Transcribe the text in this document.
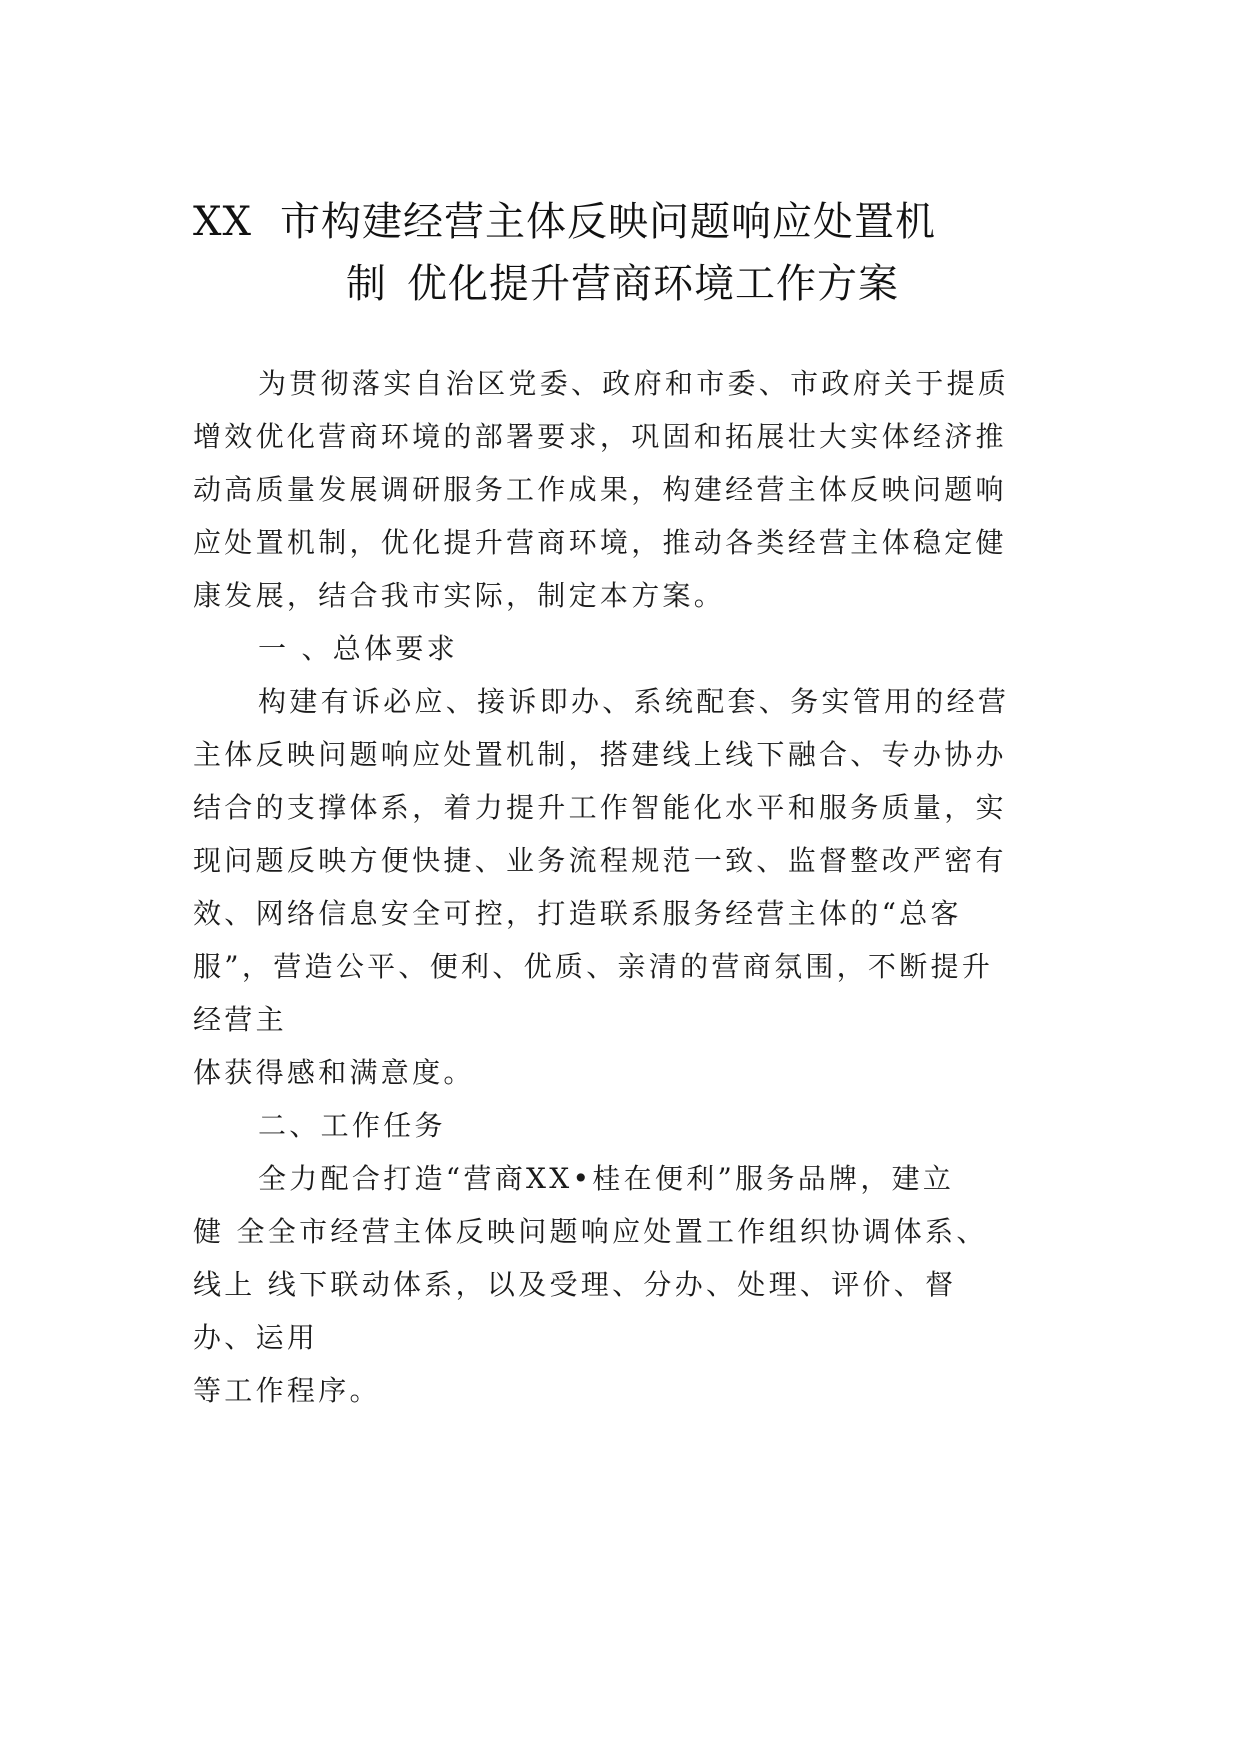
XX 市构建经营主体反映问题响应处置机
制 优化提升营商环境工作方案
为贯彻落实自治区党委、政府和市委、市政府关于提质
增效优化营商环境的部署要求，巩固和拓展壮大实体经济推
动高质量发展调研服务工作成果，构建经营主体反映问题响
应处置机制，优化提升营商环境，推动各类经营主体稳定健
康发展，结合我市实际，制定本方案。
一 、总体要求
构建有诉必应、接诉即办、系统配套、务实管用的经营
主体反映问题响应处置机制，搭建线上线下融合、专办协办
结合的支撑体系，着力提升工作智能化水平和服务质量，实
现问题反映方便快捷、业务流程规范一致、监督整改严密有
效、网络信息安全可控，打造联系服务经营主体的“总客
服”，营造公平、便利、优质、亲清的营商氛围，不断提升
经营主
体获得感和满意度。
二、工作任务
全力配合打造“营商XX•桂在便利”服务品牌，建立
健 全全市经营主体反映问题响应处置工作组织协调体系、
线上 线下联动体系，以及受理、分办、处理、评价、督
办、运用
等工作程序。
